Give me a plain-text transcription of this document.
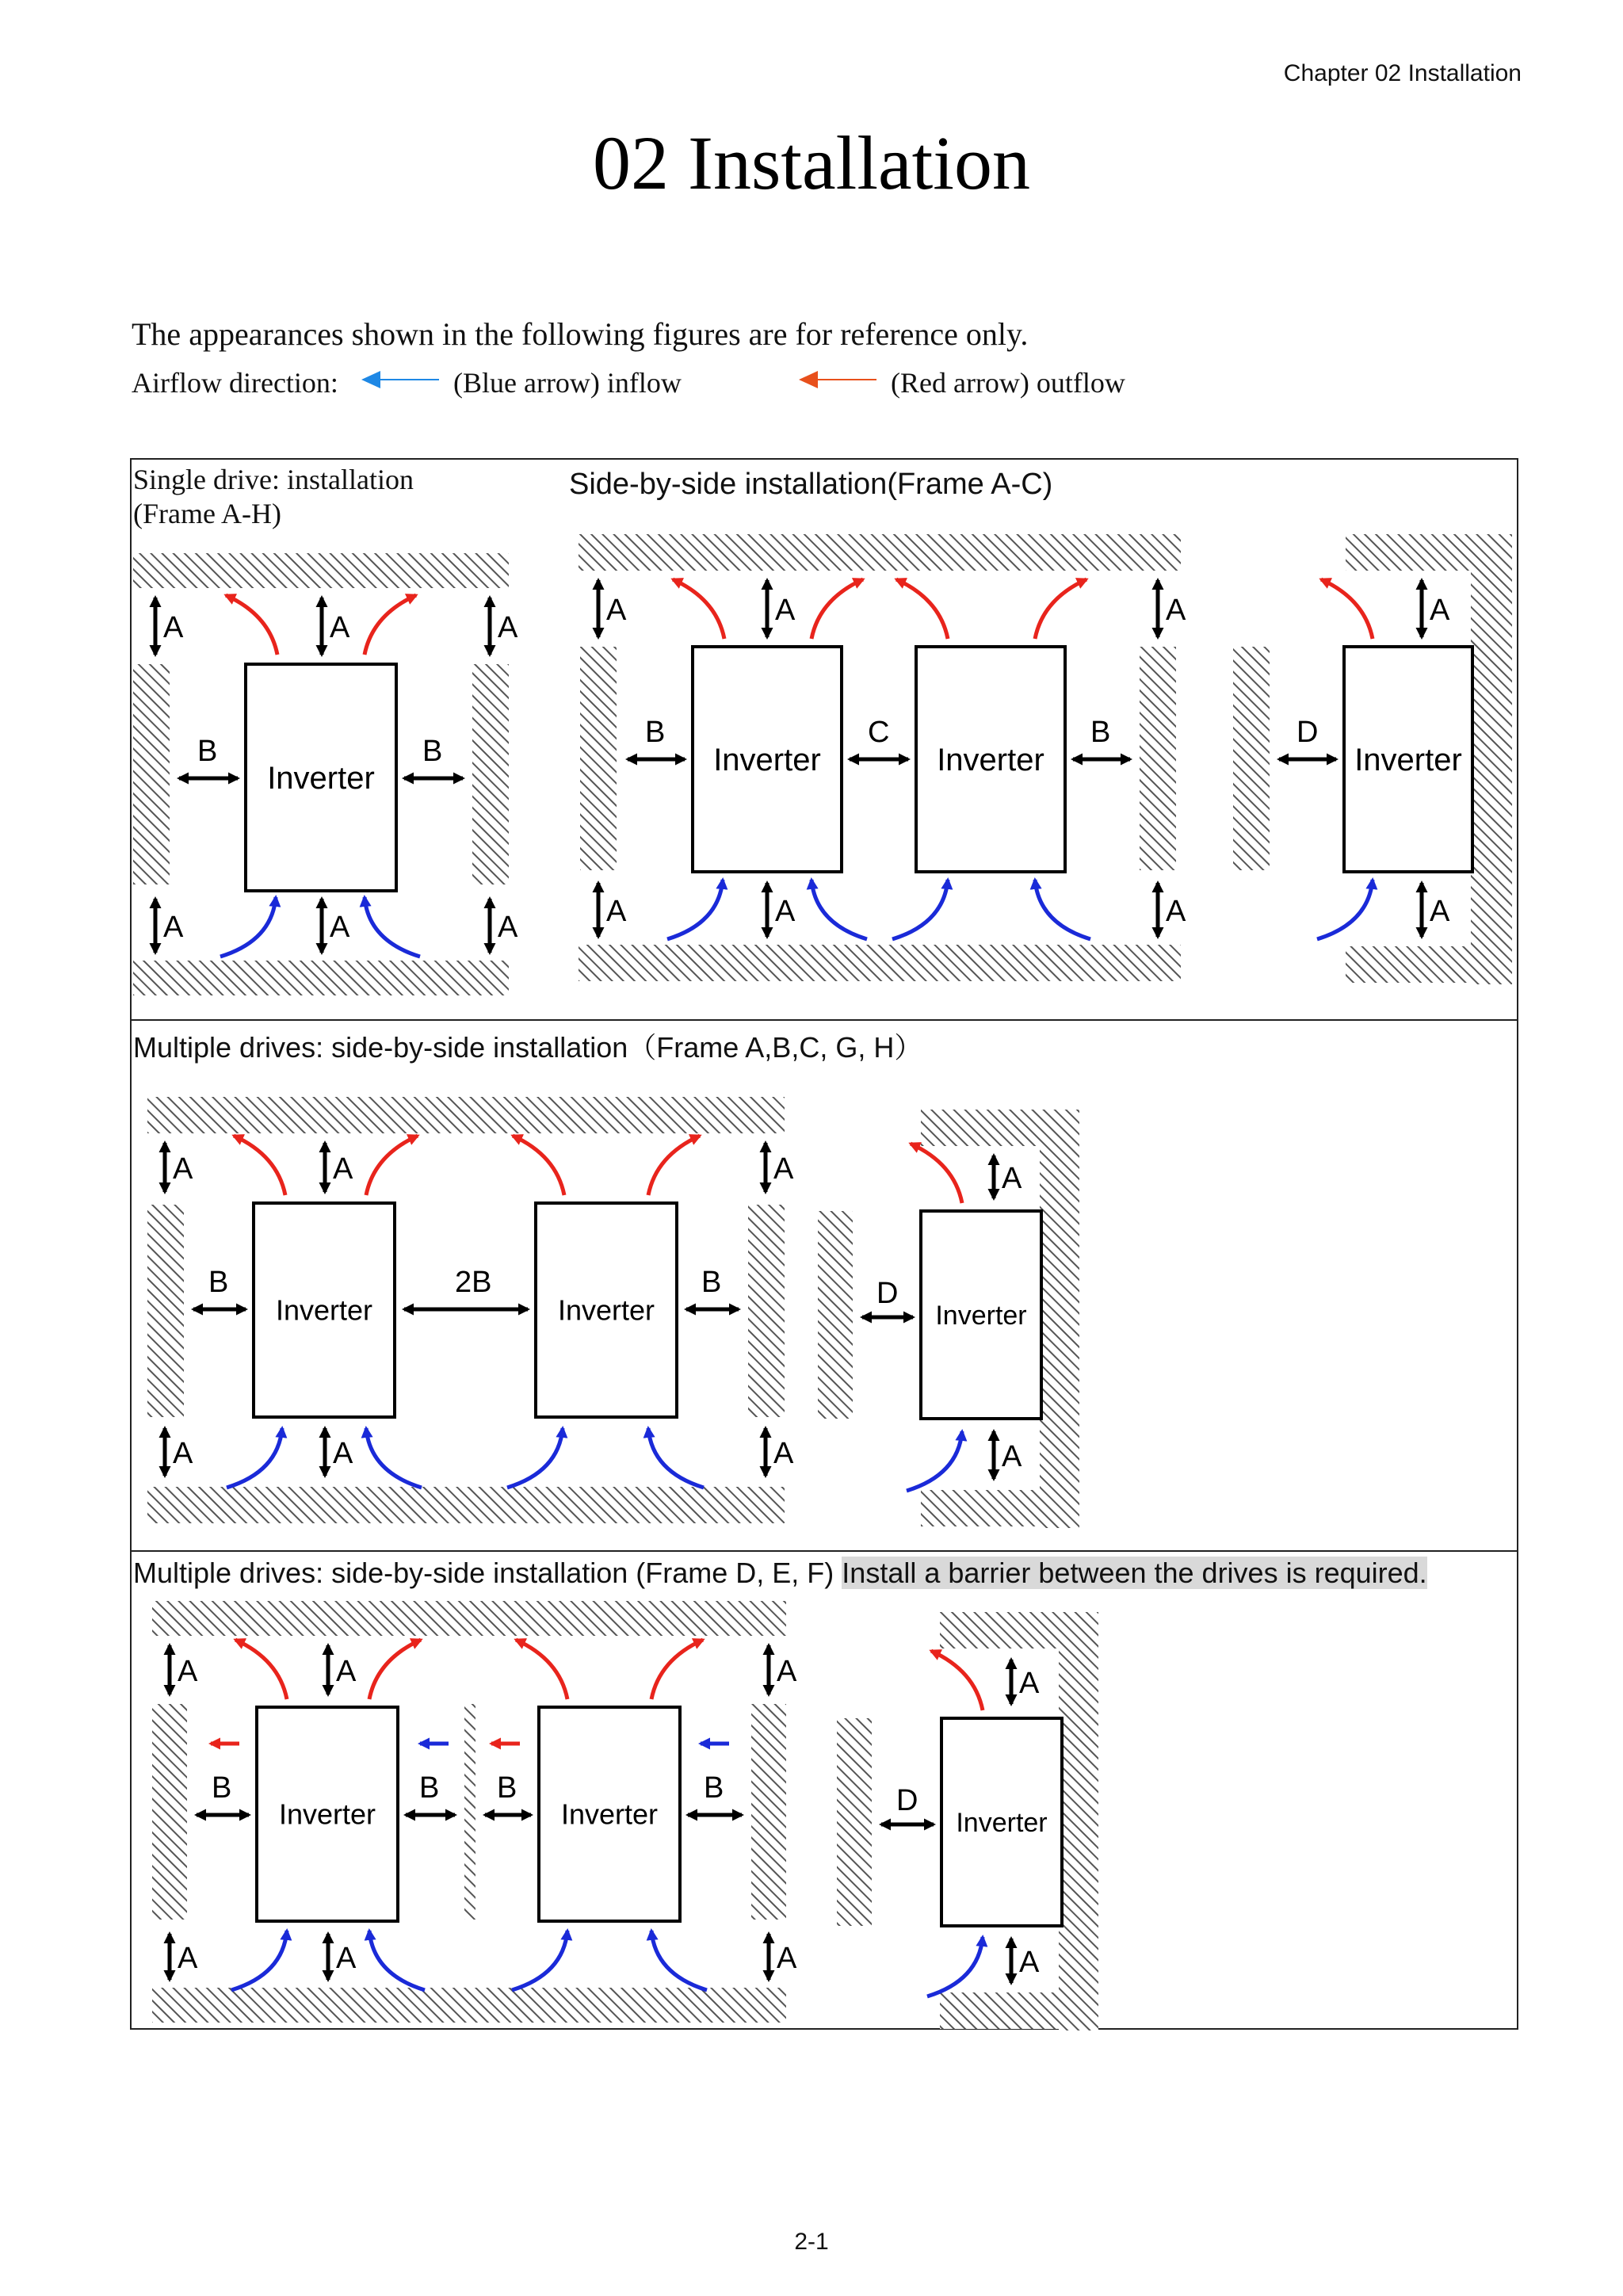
Chapter 02 Installation
02 Installation
The appearances shown in the following figures are for reference only.
Airflow direction:	(Blue arrow) inflow	(Red arrow) outflow
Single drive: installation
(Frame A-H)
Side-by-side installation(Frame A-C)
Multiple drives: side-by-side installation（Frame A,B,C, G, H）
Multiple drives: side-by-side installation (Frame D, E, F) Install a barrier between the drives is required.
Inverter
A	A	A
A	A	A
B	B	Inverter	Inverter
A	A	A
A	A	A
B	C	B
Inverter
A
A
D
Inverter	Inverter
A	A	A
A	A	A
B	2B	B
Inverter
A
A
D
Inverter	Inverter
A	A	A
A	A	A
B	B B	B
Inverter
A
A
D
2-1
